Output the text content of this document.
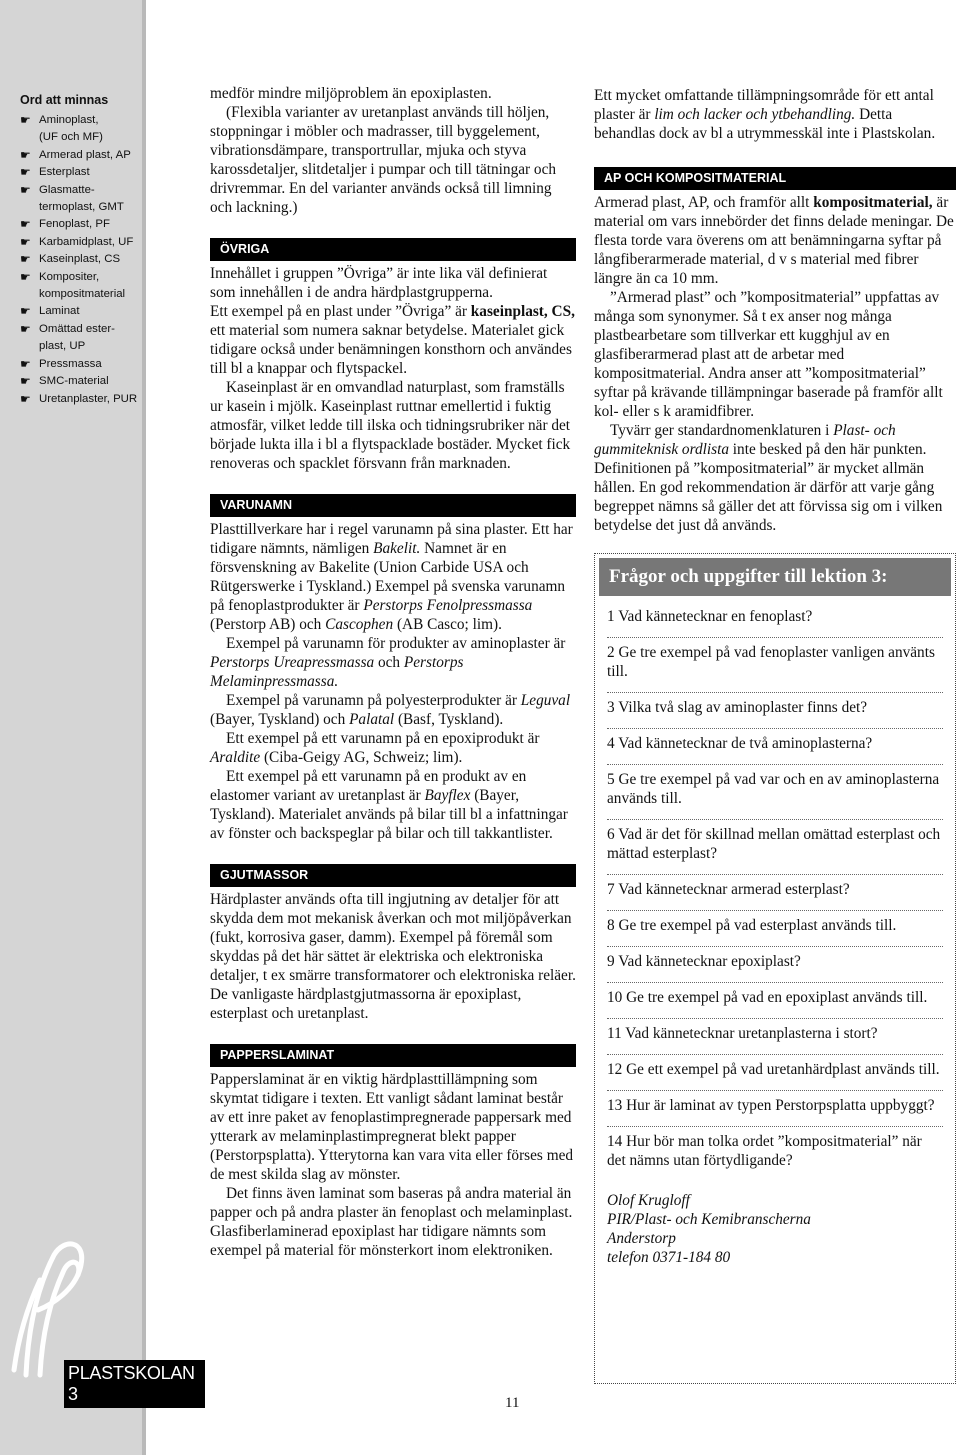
Ord att minnas
☛ Aminoplast,
(UF och MF)
☛ Armerad plast, AP
☛ Esterplast
☛ Glasmatte-
termoplast, GMT
☛ Fenoplast, PF
☛ Karbamidplast, UF
☛ Kaseinplast, CS
☛ Kompositer,
kompositmaterial
☛ Laminat
☛ Omättad ester-
plast, UP
☛ Pressmassa
☛ SMC-material
☛ Uretanplaster, PUR
PLASTSKOLAN 3

medför mindre miljöproblem än epoxiplasten.

(Flexibla varianter av uretanplast används till höljen, stoppningar i möbler och madrasser, till byggelement, vibrationsdämpare, transportrullar, mjuka och styva karossdetaljer, slitdetaljer i pumpar och till tätningar och drivremmar. En del varianter används också till limning och lackning.)

ÖVRIGA

Innehållet i gruppen ”Övriga” är inte lika väl definierat som innehållen i de andra härdplastgrupperna.

Ett exempel på en plast under ”Övriga” är kaseinplast, CS, ett material som numera saknar betydelse. Materialet gick tidigare också under benämningen konsthorn och användes till bl a knappar och flytspackel.

Kaseinplast är en omvandlad naturplast, som framställs ur kasein i mjölk. Kaseinplast ruttnar emellertid i fuktig atmosfär, vilket ledde till ilska och tidningsrubriker när det började lukta illa i bl a flytspacklade bostäder. Mycket fick renoveras och spacklet försvann från marknaden.

VARUNAMN

Plasttillverkare har i regel varunamn på sina plaster. Ett har tidigare nämnts, nämligen Bakelit. Namnet är en försvenskning av Bakelite (Union Carbide USA och Rütgerswerke i Tyskland.) Exempel på svenska varunamn på fenoplastprodukter är Perstorps Fenolpressmassa (Perstorp AB) och Cascophen (AB Casco; lim).

Exempel på varunamn för produkter av aminoplaster är Perstorps Ureapressmassa och Perstorps Melaminpressmassa.

Exempel på varunamn på polyesterprodukter är Leguval (Bayer, Tyskland) och Palatal (Basf, Tyskland).

Ett exempel på ett varunamn på en epoxiprodukt är Araldite (Ciba-Geigy AG, Schweiz; lim).

Ett exempel på ett varunamn på en produkt av en elastomer variant av uretanplast är Bayflex (Bayer, Tyskland). Materialet används på bilar till bl a infattningar av fönster och backspeglar på bilar och till takkantlister.

GJUTMASSOR

Härdplaster används ofta till ingjutning av detaljer för att skydda dem mot mekanisk åverkan och mot miljöpåverkan (fukt, korrosiva gaser, damm). Exempel på föremål som skyddas på det här sättet är elektriska och elektroniska detaljer, t ex smärre transformatorer och elektroniska reläer. De vanligaste härdplastgjutmassorna är epoxiplast, esterplast och uretanplast.

PAPPERSLAMINAT

Papperslaminat är en viktig härdplasttillämpning som skymtat tidigare i texten. Ett vanligt sådant laminat består av ett inre paket av fenoplastimpregnerade pappersark med ytterark av melaminplastimpregnerat blekt papper (Perstorpsplatta). Ytterytorna kan vara vita eller förses med de mest skilda slag av mönster.

Det finns även laminat som baseras på andra material än papper och på andra plaster än fenoplast och melaminplast. Glasfiberlaminerad epoxiplast har tidigare nämnts som exempel på material för mönsterkort inom elektroniken.

Ett mycket omfattande tillämpningsområde för ett antal plaster är lim och lacker och ytbehandling. Detta behandlas dock av bl a utrymmesskäl inte i Plastskolan.

AP OCH KOMPOSITMATERIAL

Armerad plast, AP, och framför allt kompositmaterial, är material om vars innebörder det finns delade meningar. De flesta torde vara överens om att benämningarna syftar på långfiberarmerade material, d v s material med fibrer längre än ca 10 mm.

”Armerad plast” och ”kompositmaterial” uppfattas av många som synonymer. Så t ex anser nog många plastbearbetare som tillverkar ett kugghjul av en glasfiberarmerad plast att de arbetar med kompositmaterial. Andra anser att ”kompositmaterial” syftar på krävande tillämpningar baserade på framför allt kol- eller s k aramidfibrer.

Tyvärr ger standardnomenklaturen i Plast- och gummiteknisk ordlista inte besked på den här punkten. Definitionen på ”kompositmaterial” är mycket allmän hållen. En god rekommendation är därför att varje gång begreppet nämns så gäller det att förvissa sig om i vilken betydelse det just då används.

Frågor och uppgifter till lektion 3:
1 Vad kännetecknar en fenoplast?
2 Ge tre exempel på vad fenoplaster vanligen använts till.
3 Vilka två slag av aminoplaster finns det?
4 Vad kännetecknar de två aminoplasterna?
5 Ge tre exempel på vad var och en av aminoplasterna används till.
6 Vad är det för skillnad mellan omättad esterplast och mättad esterplast?
7 Vad kännetecknar armerad esterplast?
8 Ge tre exempel på vad esterplast används till.
9 Vad kännetecknar epoxiplast?
10 Ge tre exempel på vad en epoxiplast används till.
11 Vad kännetecknar uretanplasterna i stort?
12 Ge ett exempel på vad uretanhärdplast används till.
13 Hur är laminat av typen Perstorpsplatta uppbyggt?
14 Hur bör man tolka ordet ”kompositmaterial” när det nämns utan förtydligande?
Olof Krugloff
PIR/Plast- och Kemibranscherna
Anderstorp
telefon 0371-184 80
11
